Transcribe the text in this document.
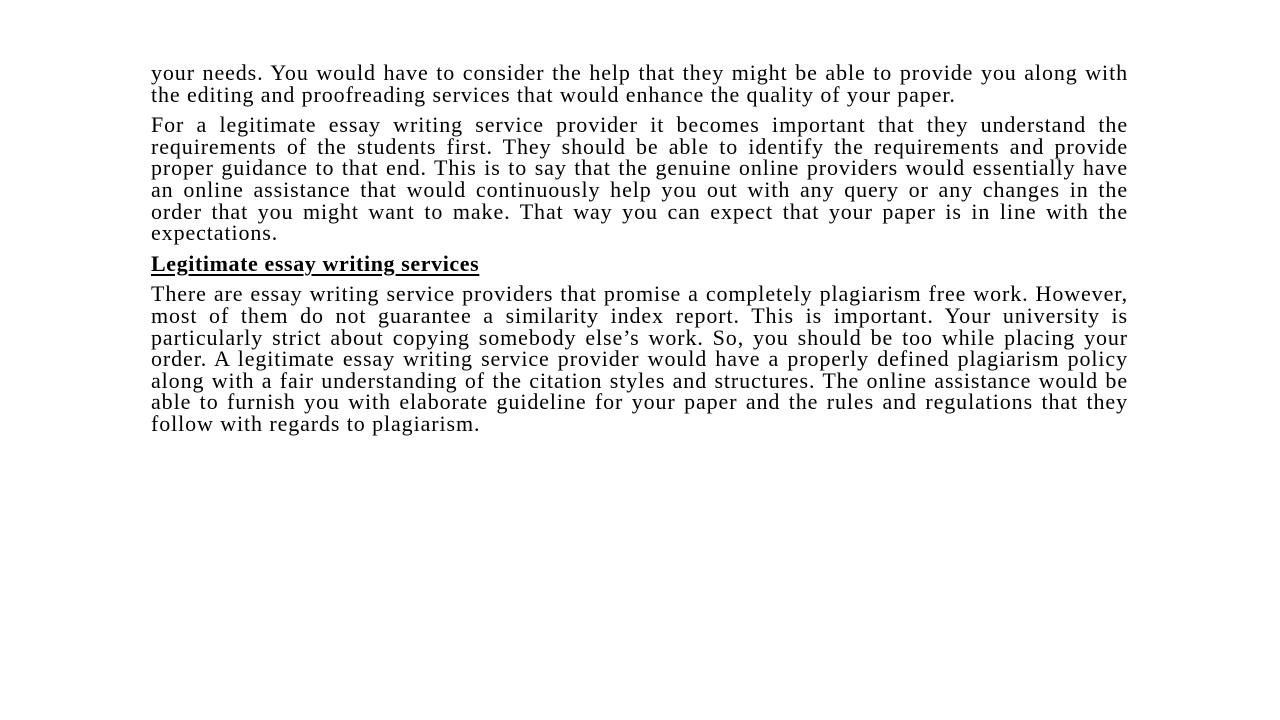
your needs. You would have to consider the help that they might be able to provide you along with the editing and proofreading services that would enhance the quality of your paper.

For a legitimate essay writing service provider it becomes important that they understand the requirements of the students first. They should be able to identify the requirements and provide proper guidance to that end. This is to say that the genuine online providers would essentially have an online assistance that would continuously help you out with any query or any changes in the order that you might want to make. That way you can expect that your paper is in line with the expectations.

Legitimate essay writing services

There are essay writing service providers that promise a completely plagiarism free work. However, most of them do not guarantee a similarity index report. This is important. Your university is particularly strict about copying somebody else’s work. So, you should be too while placing your order. A legitimate essay writing service provider would have a properly defined plagiarism policy along with a fair understanding of the citation styles and structures. The online assistance would be able to furnish you with elaborate guideline for your paper and the rules and regulations that they follow with regards to plagiarism.
